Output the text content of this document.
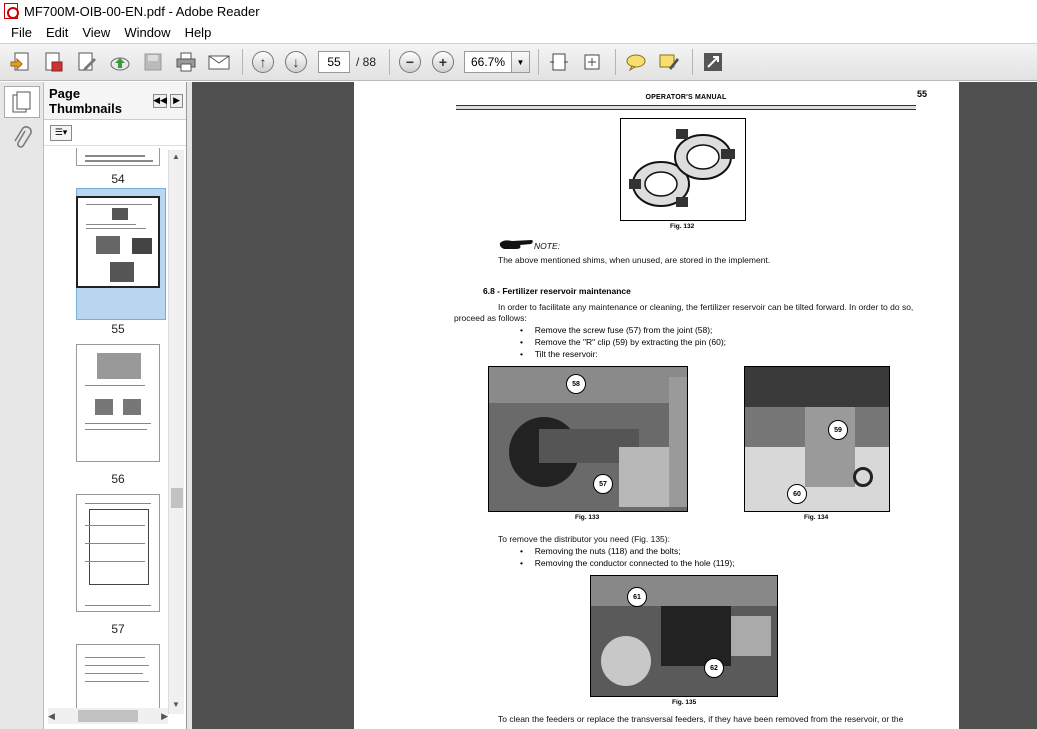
MF700M-OIB-00-EN.pdf - Adobe Reader
File	Edit	View	Window	Help
↑	↓	55	/ 88	−	+	66.7%	▼
Page Thumbnails
◀◀ ▶
☰▾
54
55
56
57
▲
▼
◀	▶
OPERATOR'S MANUAL	55
Fig. 132
NOTE:
The above mentioned shims, when unused, are stored in the implement.
6.8 - Fertilizer reservoir maintenance
In order to facilitate any maintenance or cleaning, the fertilizer reservoir can be tilted forward. In order to do so,
proceed as follows:
•     Remove the screw fuse (57) from the joint (58);
•     Remove the "R" clip (59) by extracting the pin (60);
•     Tilt the reservoir:
58
57
Fig. 133
59
60
Fig. 134
To remove the distributor you need (Fig. 135):
•     Removing the nuts (118) and the bolts;
•     Removing the conductor connected to the hole (119);
61
62
Fig. 135
To clean the feeders or replace the transversal feeders, if they have been removed from the reservoir, or the
